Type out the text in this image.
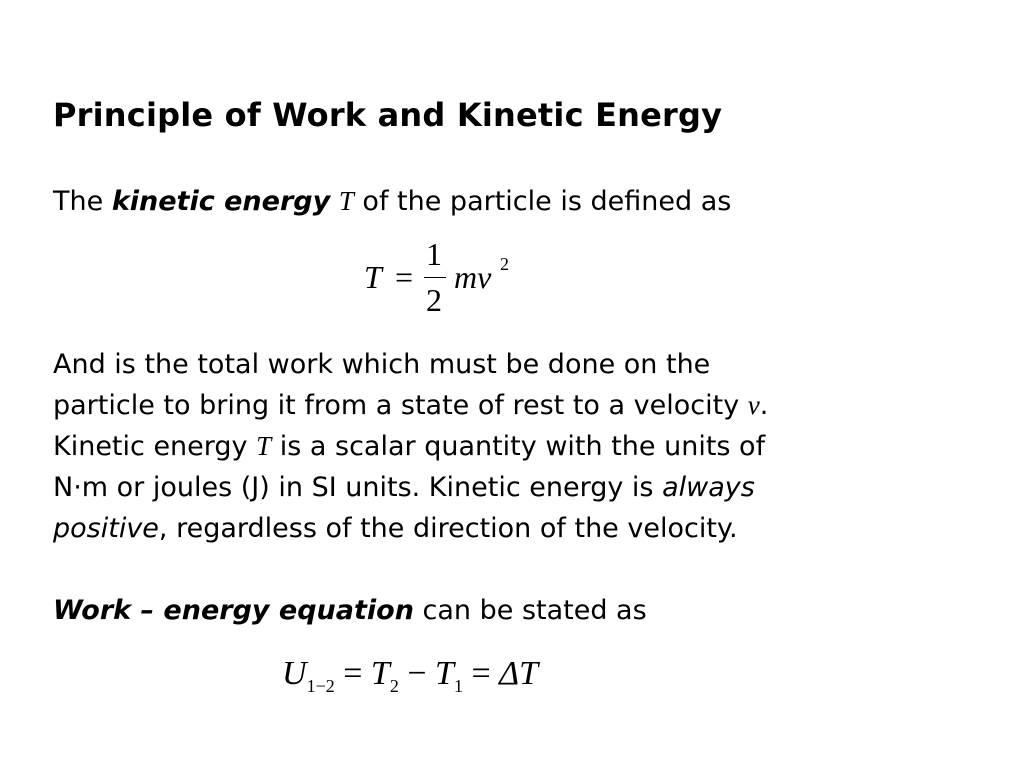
Principle of Work and Kinetic Energy
The kinetic energy T of the particle is defined as
T =
1
2
mv 2
And is the total work which must be done on the
particle to bring it from a state of rest to a velocity v.
Kinetic energy T is a scalar quantity with the units of
N·m or joules (J) in SI units. Kinetic energy is always
positive, regardless of the direction of the velocity.
Work – energy equation can be stated as
$U_{1-2} = T_2 - T_1 = \Delta T$
